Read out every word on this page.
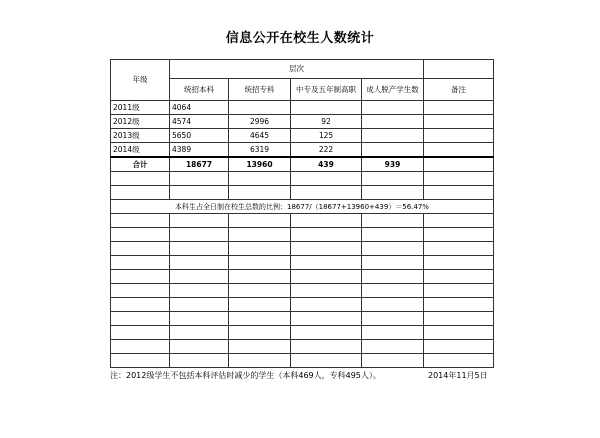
信息公开在校生人数统计
年级	层次				
	统招本科	统招专科	中专及五年制高职	成人脱产学生数	备注
2011级	4064				
2012级	4574	2996	92		
2013级	5650	4645	125		
2014级	4389	6319	222		
合计	18677	13960	439	939	

本科生占全日制在校生总数的比例：18677/（18677+13960+439）＝56.47%					

注：2012级学生不包括本科评估时减少的学生（本科469人，专科495人）。	2014年11月5日
